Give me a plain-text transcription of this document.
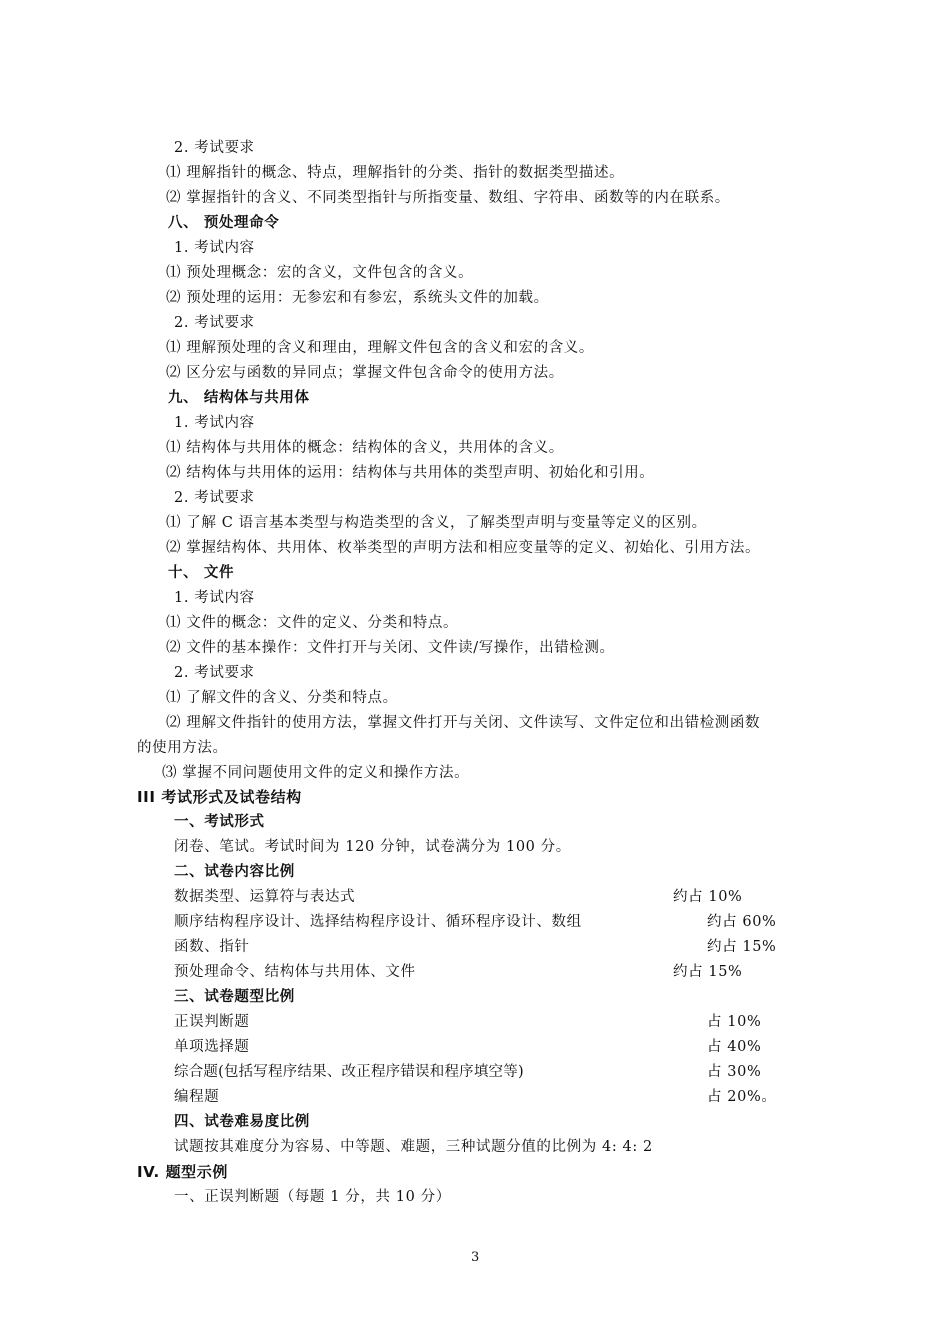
2. 考试要求
⑴ 理解指针的概念、特点，理解指针的分类、指针的数据类型描述。
⑵ 掌握指针的含义、不同类型指针与所指变量、数组、字符串、函数等的内在联系。
八、 预处理命令
1. 考试内容
⑴ 预处理概念：宏的含义，文件包含的含义。
⑵ 预处理的运用：无参宏和有参宏，系统头文件的加载。
2. 考试要求
⑴ 理解预处理的含义和理由，理解文件包含的含义和宏的含义。
⑵ 区分宏与函数的异同点；掌握文件包含命令的使用方法。
九、 结构体与共用体
1. 考试内容
⑴ 结构体与共用体的概念：结构体的含义，共用体的含义。
⑵ 结构体与共用体的运用：结构体与共用体的类型声明、初始化和引用。
2. 考试要求
⑴ 了解 C 语言基本类型与构造类型的含义，了解类型声明与变量等定义的区别。
⑵ 掌握结构体、共用体、枚举类型的声明方法和相应变量等的定义、初始化、引用方法。
十、 文件
1. 考试内容
⑴ 文件的概念：文件的定义、分类和特点。
⑵ 文件的基本操作：文件打开与关闭、文件读/写操作，出错检测。
2. 考试要求
⑴ 了解文件的含义、分类和特点。
⑵ 理解文件指针的使用方法，掌握文件打开与关闭、文件读写、文件定位和出错检测函数
的使用方法。
⑶ 掌握不同问题使用文件的定义和操作方法。
III 考试形式及试卷结构
一、考试形式
闭卷、笔试。考试时间为 120 分钟，试卷满分为 100 分。
二、试卷内容比例
数据类型、运算符与表达式	约占 10%
顺序结构程序设计、选择结构程序设计、循环程序设计、数组	约占 60%
函数、指针	约占 15%
预处理命令、结构体与共用体、文件	约占 15%
三、试卷题型比例
正误判断题	占 10%
单项选择题	占 40%
综合题(包括写程序结果、改正程序错误和程序填空等)	占 30%
编程题	占 20%。
四、试卷难易度比例
试题按其难度分为容易、中等题、难题，三种试题分值的比例为 4: 4: 2
IV. 题型示例
一、正误判断题（每题 1 分，共 10 分）
3
